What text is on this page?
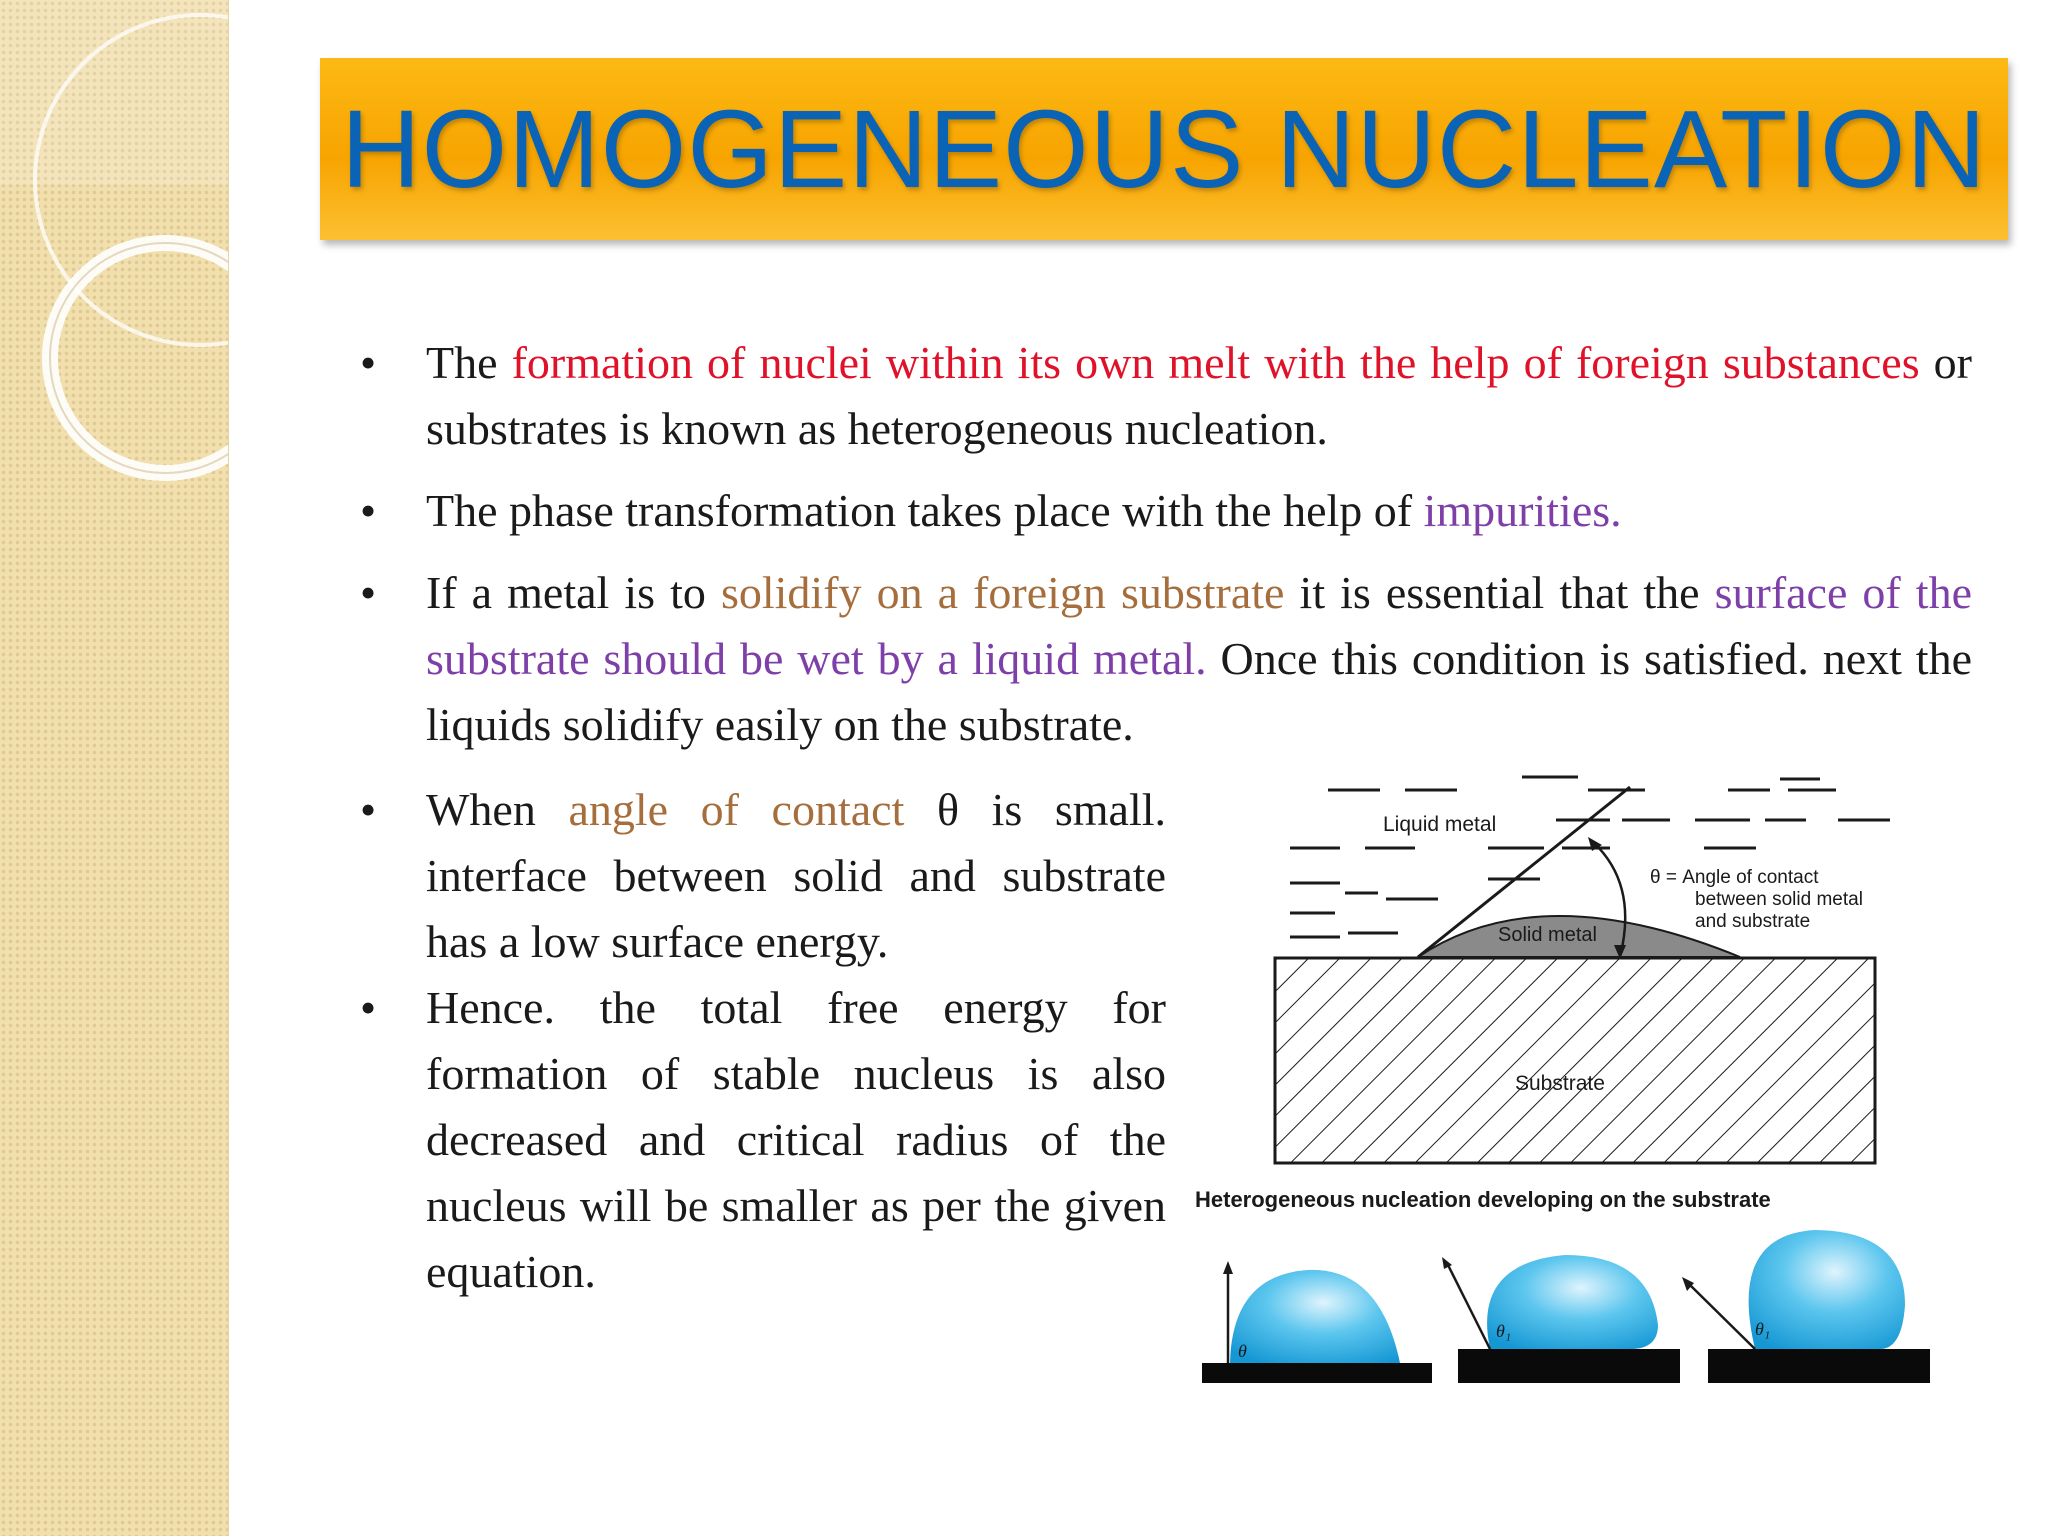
HOMOGENEOUS NUCLEATION
• The formation of nuclei within its own melt with the help of foreign substances or substrates is known as heterogeneous nucleation.
• The phase transformation takes place with the help of impurities.
• If a metal is to solidify on a foreign substrate it is essential that the surface of the substrate should be wet by a liquid metal. Once this condition is satisfied. next the liquids solidify easily on the substrate.
• When angle of contact θ is small. interface between solid and substrate has a low surface energy.
• Hence. the total free energy for formation of stable nucleus is also decreased and critical radius of the nucleus will be smaller as per the given equation.
Liquid metal
Solid metal
θ = Angle of contact between solid metal and substrate
Substrate
Heterogeneous nucleation developing on the substrate
θ
θ₁	θ₁
